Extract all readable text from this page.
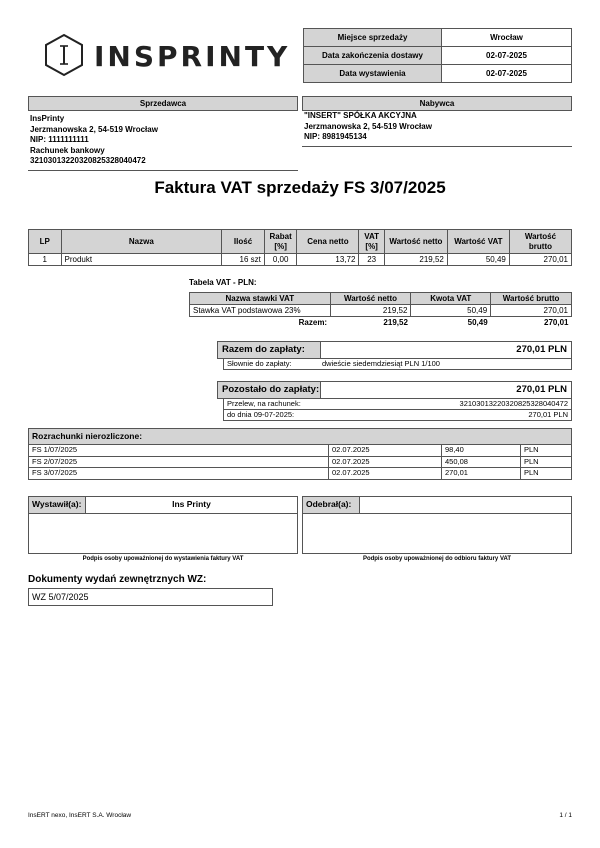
INSPRINTY
Miejsce sprzedaży	Wrocław
Data zakończenia dostawy	02-07-2025
Data wystawienia	02-07-2025
Sprzedawca
InsPrinty
Jerzmanowska 2, 54-519 Wrocław
NIP: 1111111111
Rachunek bankowy
32103013220320825328040472
Nabywca
"INSERT" SPÓŁKA AKCYJNA
Jerzmanowska 2, 54-519 Wrocław
NIP: 8981945134
Faktura VAT sprzedaży FS 3/07/2025
LP	Nazwa	Ilość	Rabat [%]	Cena netto	VAT [%]	Wartość netto	Wartość VAT	Wartość brutto
1	Produkt	16 szt	0,00	13,72	23	219,52	50,49	270,01
Tabela VAT - PLN:
Nazwa stawki VAT	Wartość netto	Kwota VAT	Wartość brutto
Stawka VAT podstawowa 23%	219,52	50,49	270,01
Razem:	219,52	50,49	270,01
Razem do zapłaty:	270,01 PLN
Słownie do zapłaty:	dwieście siedemdziesiąt PLN 1/100
Pozostało do zapłaty:	270,01 PLN
Przelew, na rachunek:	32103013220320825328040472
do dnia 09-07-2025:	270,01 PLN
Rozrachunki nierozliczone:			
FS 1/07/2025	02.07.2025	98,40	PLN
FS 2/07/2025	02.07.2025	450,08	PLN
FS 3/07/2025	02.07.2025	270,01	PLN
Wystawił(a):	Ins Printy
Podpis osoby upoważnionej do wystawienia faktury VAT
Odebrał(a):
Podpis osoby upoważnionej do odbioru faktury VAT
Dokumenty wydań zewnętrznych WZ:
WZ 5/07/2025
InsERT nexo, InsERT S.A. Wrocław	1 / 1
